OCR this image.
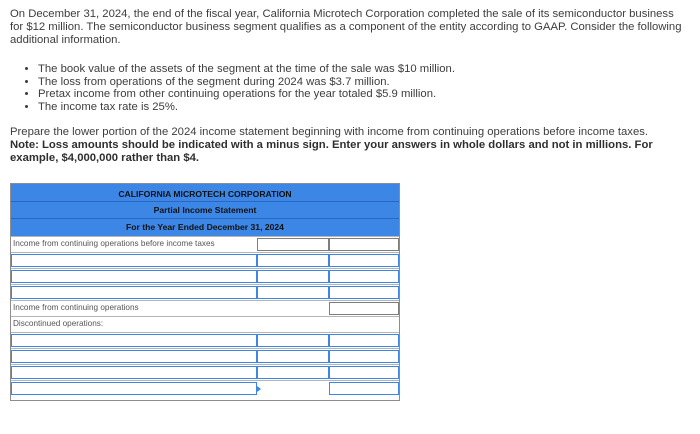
On December 31, 2024, the end of the fiscal year, California Microtech Corporation completed the sale of its semiconductor business for $12 million. The semiconductor business segment qualifies as a component of the entity according to GAAP. Consider the following additional information.
• The book value of the assets of the segment at the time of the sale was $10 million.
• The loss from operations of the segment during 2024 was $3.7 million.
• Pretax income from other continuing operations for the year totaled $5.9 million.
• The income tax rate is 25%.
Prepare the lower portion of the 2024 income statement beginning with income from continuing operations before income taxes.
Note: Loss amounts should be indicated with a minus sign. Enter your answers in whole dollars and not in millions. For example, $4,000,000 rather than $4.
CALIFORNIA MICROTECH CORPORATION
Partial Income Statement
For the Year Ended December 31, 2024
Income from continuing operations before income taxes
Income from continuing operations
Discontinued operations:
